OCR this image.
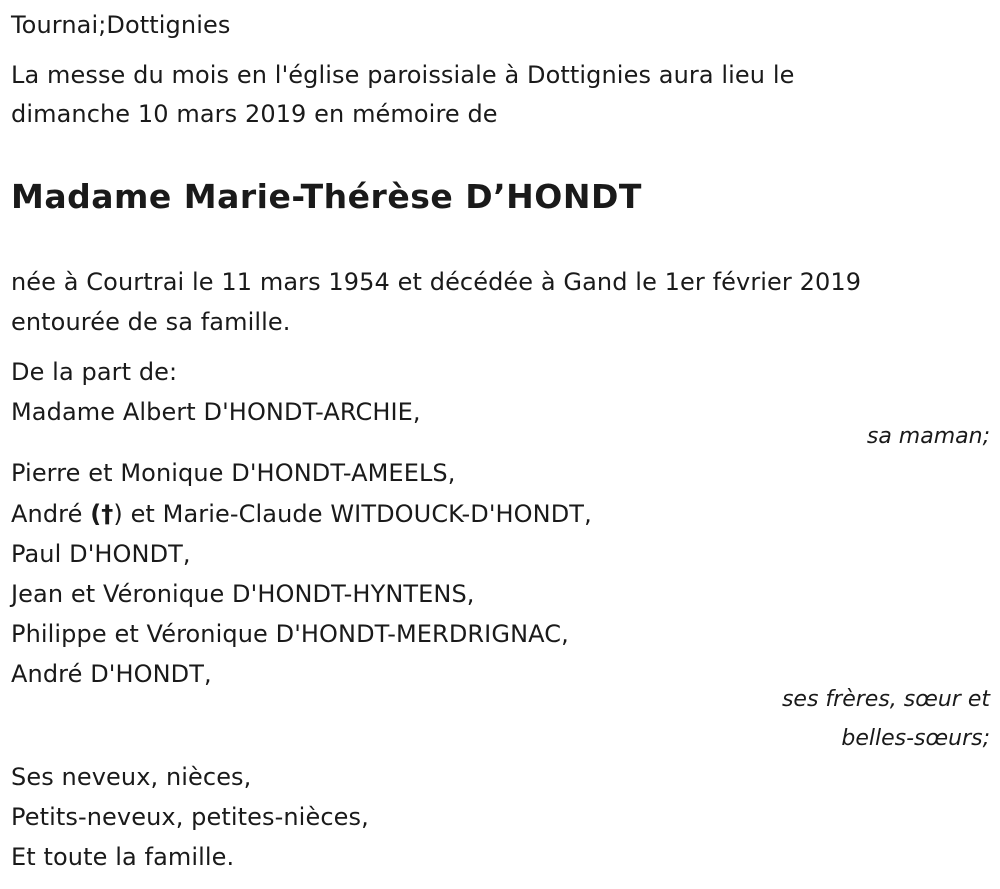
Tournai;Dottignies
La messe du mois en l'église paroissiale à Dottignies aura lieu le
dimanche 10 mars 2019 en mémoire de
Madame Marie-Thérèse D’HONDT
née à Courtrai le 11 mars 1954 et décédée à Gand le 1er février 2019
entourée de sa famille.
De la part de:
Madame Albert D'HONDT-ARCHIE,
sa maman;
Pierre et Monique D'HONDT-AMEELS,
André (†) et Marie-Claude WITDOUCK-D'HONDT,
Paul D'HONDT,
Jean et Véronique D'HONDT-HYNTENS,
Philippe et Véronique D'HONDT-MERDRIGNAC,
André D'HONDT,
ses frères, sœur et
belles-sœurs;
Ses neveux, nièces,
Petits-neveux, petites-nièces,
Et toute la famille.
